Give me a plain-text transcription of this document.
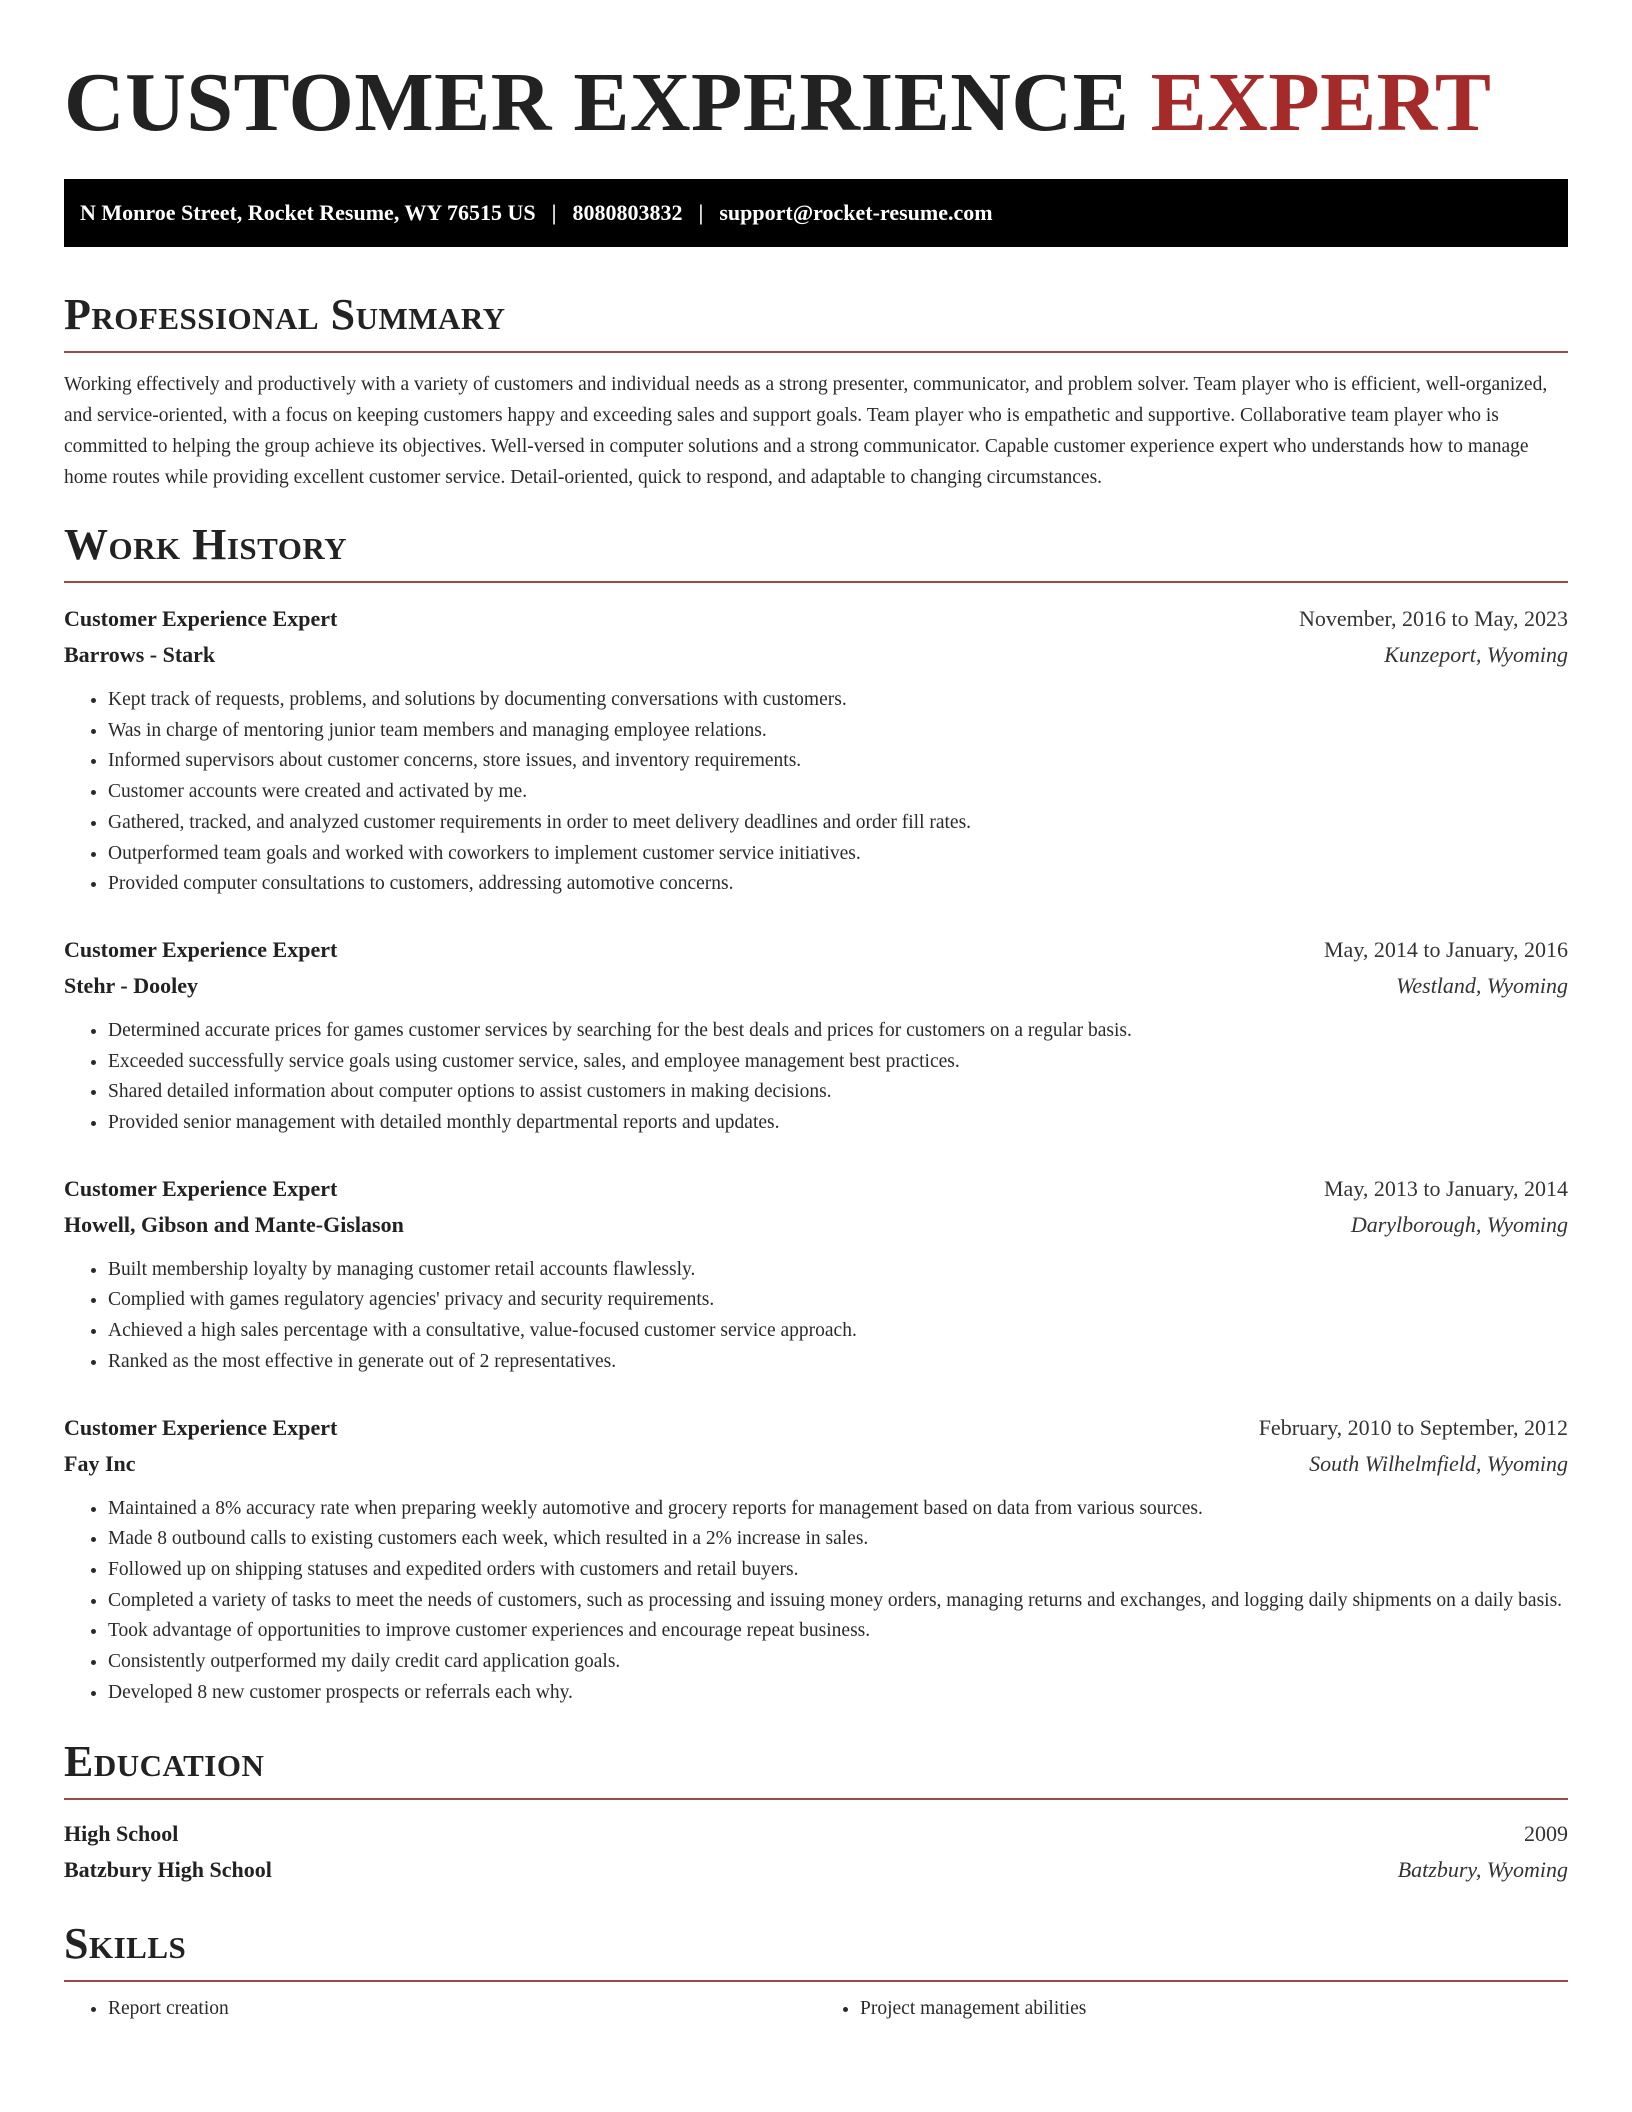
CUSTOMER EXPERIENCE EXPERT
N Monroe Street, Rocket Resume, WY 76515 US | 8080803832 | support@rocket-resume.com
Professional Summary

Working effectively and productively with a variety of customers and individual needs as a strong presenter, communicator, and problem solver. Team player who is efficient, well-organized, and service-oriented, with a focus on keeping customers happy and exceeding sales and support goals. Team player who is empathetic and supportive. Collaborative team player who is committed to helping the group achieve its objectives. Well-versed in computer solutions and a strong communicator. Capable customer experience expert who understands how to manage home routes while providing excellent customer service. Detail-oriented, quick to respond, and adaptable to changing circumstances.

Work History
Customer Experience Expert	November, 2016 to May, 2023
Barrows - Stark	Kunzeport, Wyoming
• Kept track of requests, problems, and solutions by documenting conversations with customers.
• Was in charge of mentoring junior team members and managing employee relations.
• Informed supervisors about customer concerns, store issues, and inventory requirements.
• Customer accounts were created and activated by me.
• Gathered, tracked, and analyzed customer requirements in order to meet delivery deadlines and order fill rates.
• Outperformed team goals and worked with coworkers to implement customer service initiatives.
• Provided computer consultations to customers, addressing automotive concerns.
Customer Experience Expert	May, 2014 to January, 2016
Stehr - Dooley	Westland, Wyoming
• Determined accurate prices for games customer services by searching for the best deals and prices for customers on a regular basis.
• Exceeded successfully service goals using customer service, sales, and employee management best practices.
• Shared detailed information about computer options to assist customers in making decisions.
• Provided senior management with detailed monthly departmental reports and updates.
Customer Experience Expert	May, 2013 to January, 2014
Howell, Gibson and Mante-Gislason	Darylborough, Wyoming
• Built membership loyalty by managing customer retail accounts flawlessly.
• Complied with games regulatory agencies' privacy and security requirements.
• Achieved a high sales percentage with a consultative, value-focused customer service approach.
• Ranked as the most effective in generate out of 2 representatives.
Customer Experience Expert	February, 2010 to September, 2012
Fay Inc	South Wilhelmfield, Wyoming
• Maintained a 8% accuracy rate when preparing weekly automotive and grocery reports for management based on data from various sources.
• Made 8 outbound calls to existing customers each week, which resulted in a 2% increase in sales.
• Followed up on shipping statuses and expedited orders with customers and retail buyers.
• Completed a variety of tasks to meet the needs of customers, such as processing and issuing money orders, managing returns and exchanges, and logging daily shipments on a daily basis.
• Took advantage of opportunities to improve customer experiences and encourage repeat business.
• Consistently outperformed my daily credit card application goals.
• Developed 8 new customer prospects or referrals each why.
Education
High School	2009
Batzbury High School	Batzbury, Wyoming
Skills
• Report creation
•	Project management abilities
